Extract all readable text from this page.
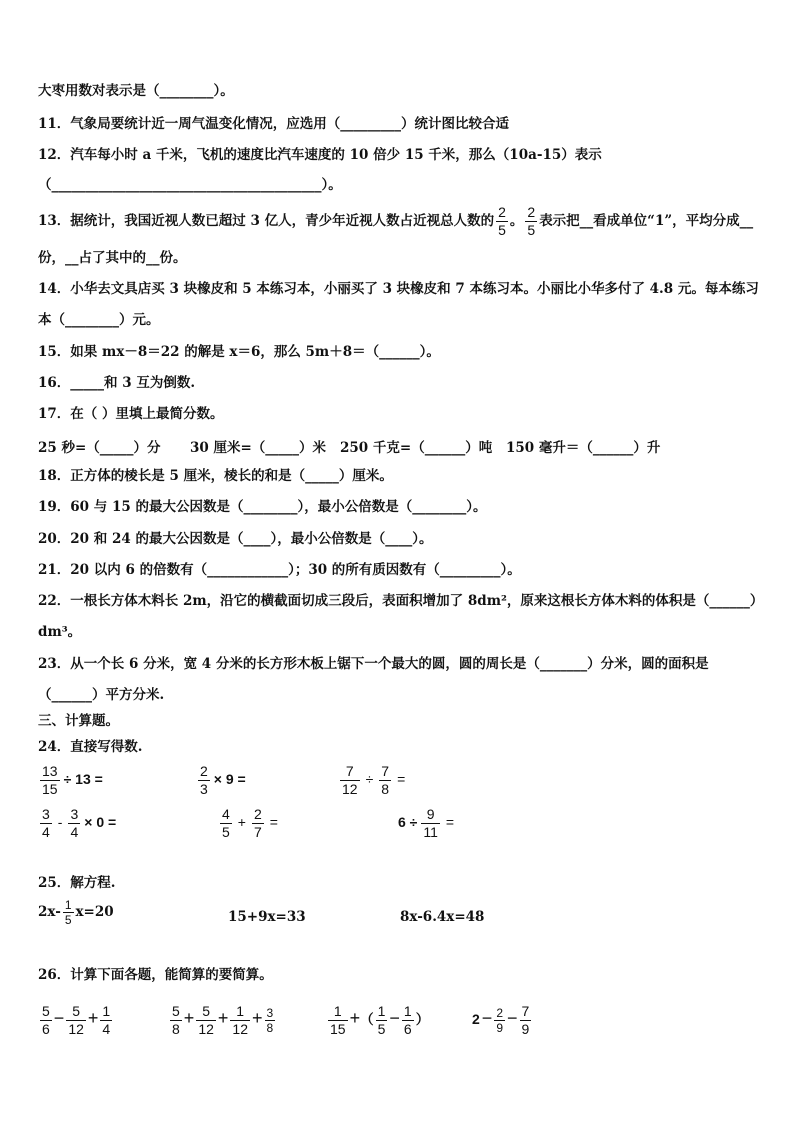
大枣用数对表示是（________）。
11．气象局要统计近一周气温变化情况，应选用（_________）统计图比较合适
12．汽车每小时 a 千米，飞机的速度比汽车速度的 10 倍少 15 千米，那么（10a-15）表示
（________________________________________）。
13．据统计，我国近视人数已超过 3 亿人，青少年近视人数占近视总人数的 $\frac{2}{5}$ 。 $\frac{2}{5}$ 表示把__看成单位“1”，平均分成__
份，__占了其中的__份。
14．小华去文具店买 3 块橡皮和 5 本练习本，小丽买了 3 块橡皮和 7 本练习本。小丽比小华多付了 4.8 元。每本练习
本（________）元。
15．如果 mx－8＝22 的解是 x＝6，那么 5m＋8＝（______）。
16．_____和 3 互为倒数.
17．在（ ）里填上最简分数。
25 秒=（_____）分 30 厘米=（_____）米 250 千克=（______）吨 150 毫升＝（______）升
18．正方体的棱长是 5 厘米，棱长的和是（_____）厘米。
19．60 与 15 的最大公因数是（________），最小公倍数是（________）。
20．20 和 24 的最大公因数是（____），最小公倍数是（____）。
21．20 以内 6 的倍数有（____________）；30 的所有质因数有（_________）。
22．一根长方体木料长 2m，沿它的横截面切成三段后，表面积增加了 8dm²，原来这根长方体木料的体积是（______）
dm³。
23．从一个长 6 分米，宽 4 分米的长方形木板上锯下一个最大的圆，圆的周长是（_______）分米，圆的面积是
（______）平方分米.
三、计算题。
24．直接写得数.
$\frac{13}{15} \div 13$ =	$\frac{2}{3} \times 9$ =	$\frac{7}{12} \div \frac{7}{8}$ =
$\frac{3}{4} - \frac{3}{4} \times 0$ =	$\frac{4}{5} + \frac{2}{7}$ =	$6 \div \frac{9}{11}$ =
25．解方程.
$2x- \frac{1}{5} x=20$	15+9x=33	8x-6.4x=48
26．计算下面各题，能简算的要简算。
$\frac{5}{6} - \frac{5}{12} + \frac{1}{4}$	$\frac{5}{8} + \frac{5}{12} + \frac{1}{12} + \frac{3}{8}$	$\frac{1}{15}$ +（ $\frac{1}{5} - \frac{1}{6}$ ）	$2 - \frac{2}{9} - \frac{7}{9}$
